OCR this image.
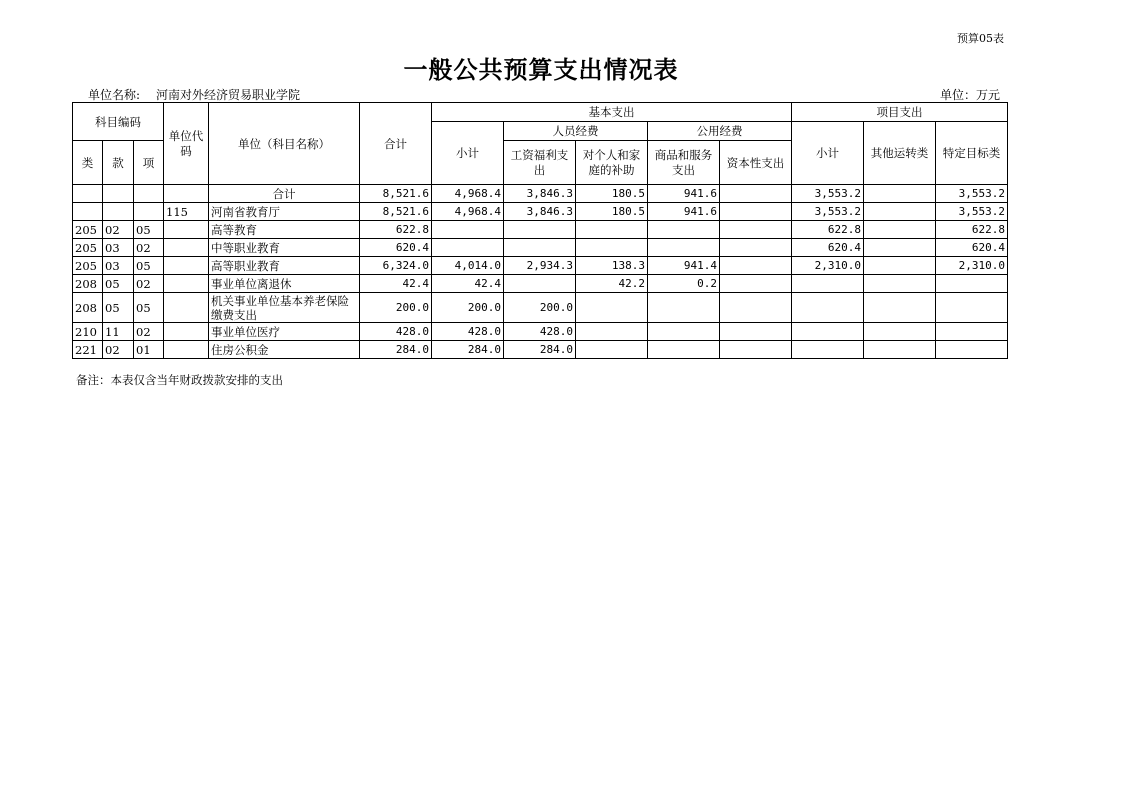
预算05表
一般公共预算支出情况表
单位名称: 河南对外经济贸易职业学院	单位：万元
科目编码			单位代码	单位（科目名称）	合计	基本支出					项目支出		
						小计	人员经费		公用经费		小计	其他运转类	特定目标类
类	款	项					工资福利支出	对个人和家庭的补助	商品和服务支出	资本性支出			

				合计	8,521.6	4,968.4	3,846.3	180.5	941.6		3,553.2		3,553.2
			115	河南省教育厅	8,521.6	4,968.4	3,846.3	180.5	941.6		3,553.2		3,553.2
205	02	05		高等教育	622.8						622.8		622.8
205	03	02		中等职业教育	620.4						620.4		620.4
205	03	05		高等职业教育	6,324.0	4,014.0	2,934.3	138.3	941.4		2,310.0		2,310.0
208	05	02		事业单位离退休	42.4	42.4		42.2	0.2				
208	05	05		机关事业单位基本养老保险缴费支出	200.0	200.0	200.0						
210	11	02		事业单位医疗	428.0	428.0	428.0						
221	02	01		住房公积金	284.0	284.0	284.0						
备注：本表仅含当年财政拨款安排的支出
